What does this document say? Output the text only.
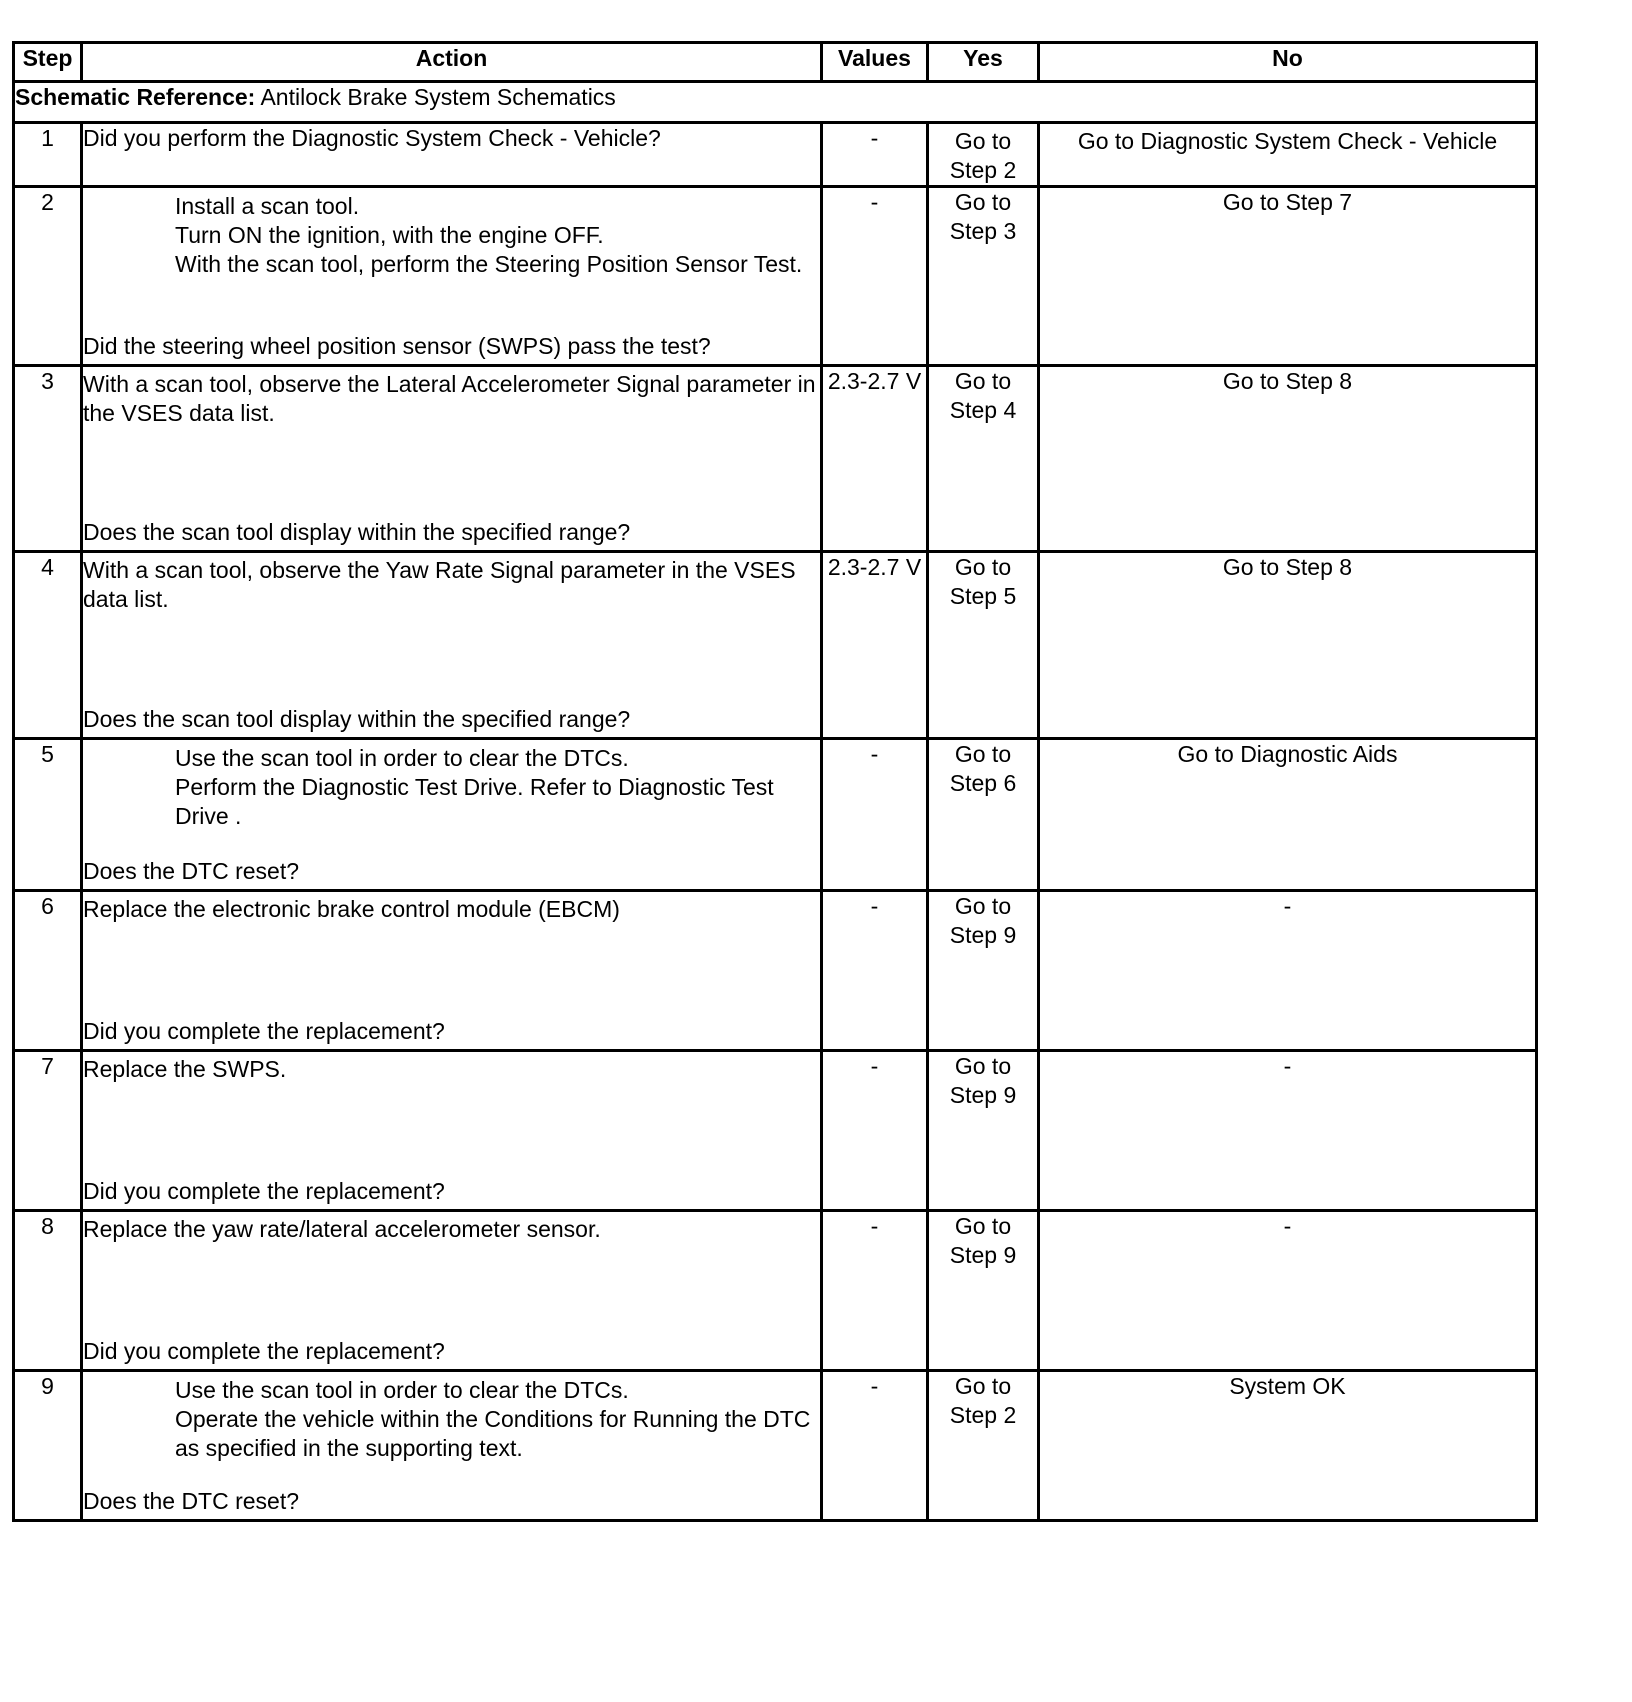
Step	Action	Values	Yes	No
Schematic Reference: Antilock Brake System Schematics				
1	Did you perform the Diagnostic System Check - Vehicle?	-	Go to Step 2	Go to Diagnostic System Check - Vehicle
2	Install a scan tool.
Turn ON the ignition, with the engine OFF.
With the scan tool, perform the Steering Position Sensor Test.
Did the steering wheel position sensor (SWPS) pass the test?	-	Go to Step 3	Go to Step 7
3	With a scan tool, observe the Lateral Accelerometer Signal parameter in the VSES data list.
Does the scan tool display within the specified range?	2.3-2.7 V	Go to Step 4	Go to Step 8
4	With a scan tool, observe the Yaw Rate Signal parameter in the VSES data list.
Does the scan tool display within the specified range?	2.3-2.7 V	Go to Step 5	Go to Step 8
5	Use the scan tool in order to clear the DTCs.
Perform the Diagnostic Test Drive. Refer to Diagnostic Test Drive .
Does the DTC reset?	-	Go to Step 6	Go to Diagnostic Aids
6	Replace the electronic brake control module (EBCM)
Did you complete the replacement?	-	Go to Step 9	-
7	Replace the SWPS.
Did you complete the replacement?	-	Go to Step 9	-
8	Replace the yaw rate/lateral accelerometer sensor.
Did you complete the replacement?	-	Go to Step 9	-
9	Use the scan tool in order to clear the DTCs.
Operate the vehicle within the Conditions for Running the DTC as specified in the supporting text.
Does the DTC reset?	-	Go to Step 2	System OK
